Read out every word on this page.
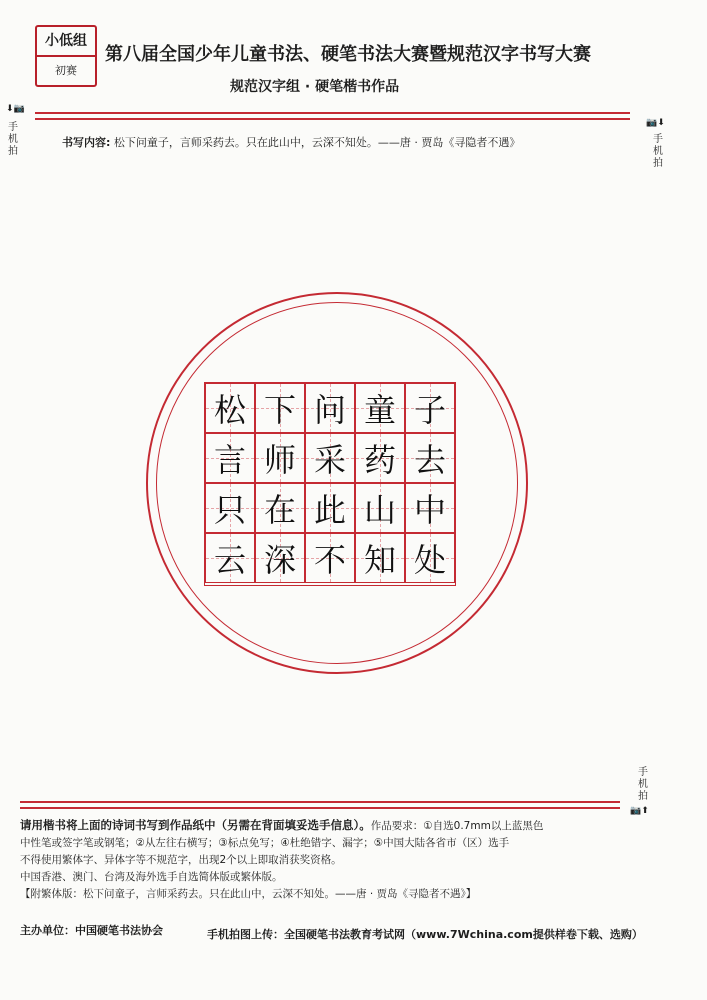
小低组
初赛
第八届全国少年儿童书法、硬笔书法大赛暨规范汉字书写大赛
规范汉字组 · 硬笔楷书作品
⬇📷
手
机
拍
📷⬇
手
机
拍
书写内容: 松下问童子，言师采药去。只在此山中，云深不知处。——唐 · 贾岛《寻隐者不遇》
松 下 问 童 子
言 师 采 药 去
只 在 此 山 中
云 深 不 知 处
手
机
拍
📷⬆

请用楷书将上面的诗词书写到作品纸中（另需在背面填妥选手信息）。作品要求：①自选0.7mm以上蓝黑色

中性笔或签字笔或钢笔；②从左往右横写；③标点免写；④杜绝错字、漏字；⑤中国大陆各省市（区）选手

不得使用繁体字、异体字等不规范字，出现2个以上即取消获奖资格。

中国香港、澳门、台湾及海外选手自选简体版或繁体版。

【附繁体版：松下问童子，言师采药去。只在此山中，云深不知处。——唐 · 贾岛《寻隐者不遇》】

主办单位：中国硬笔书法协会	手机拍图上传：全国硬笔书法教育考试网（www.7Wchina.com提供样卷下载、选购）
